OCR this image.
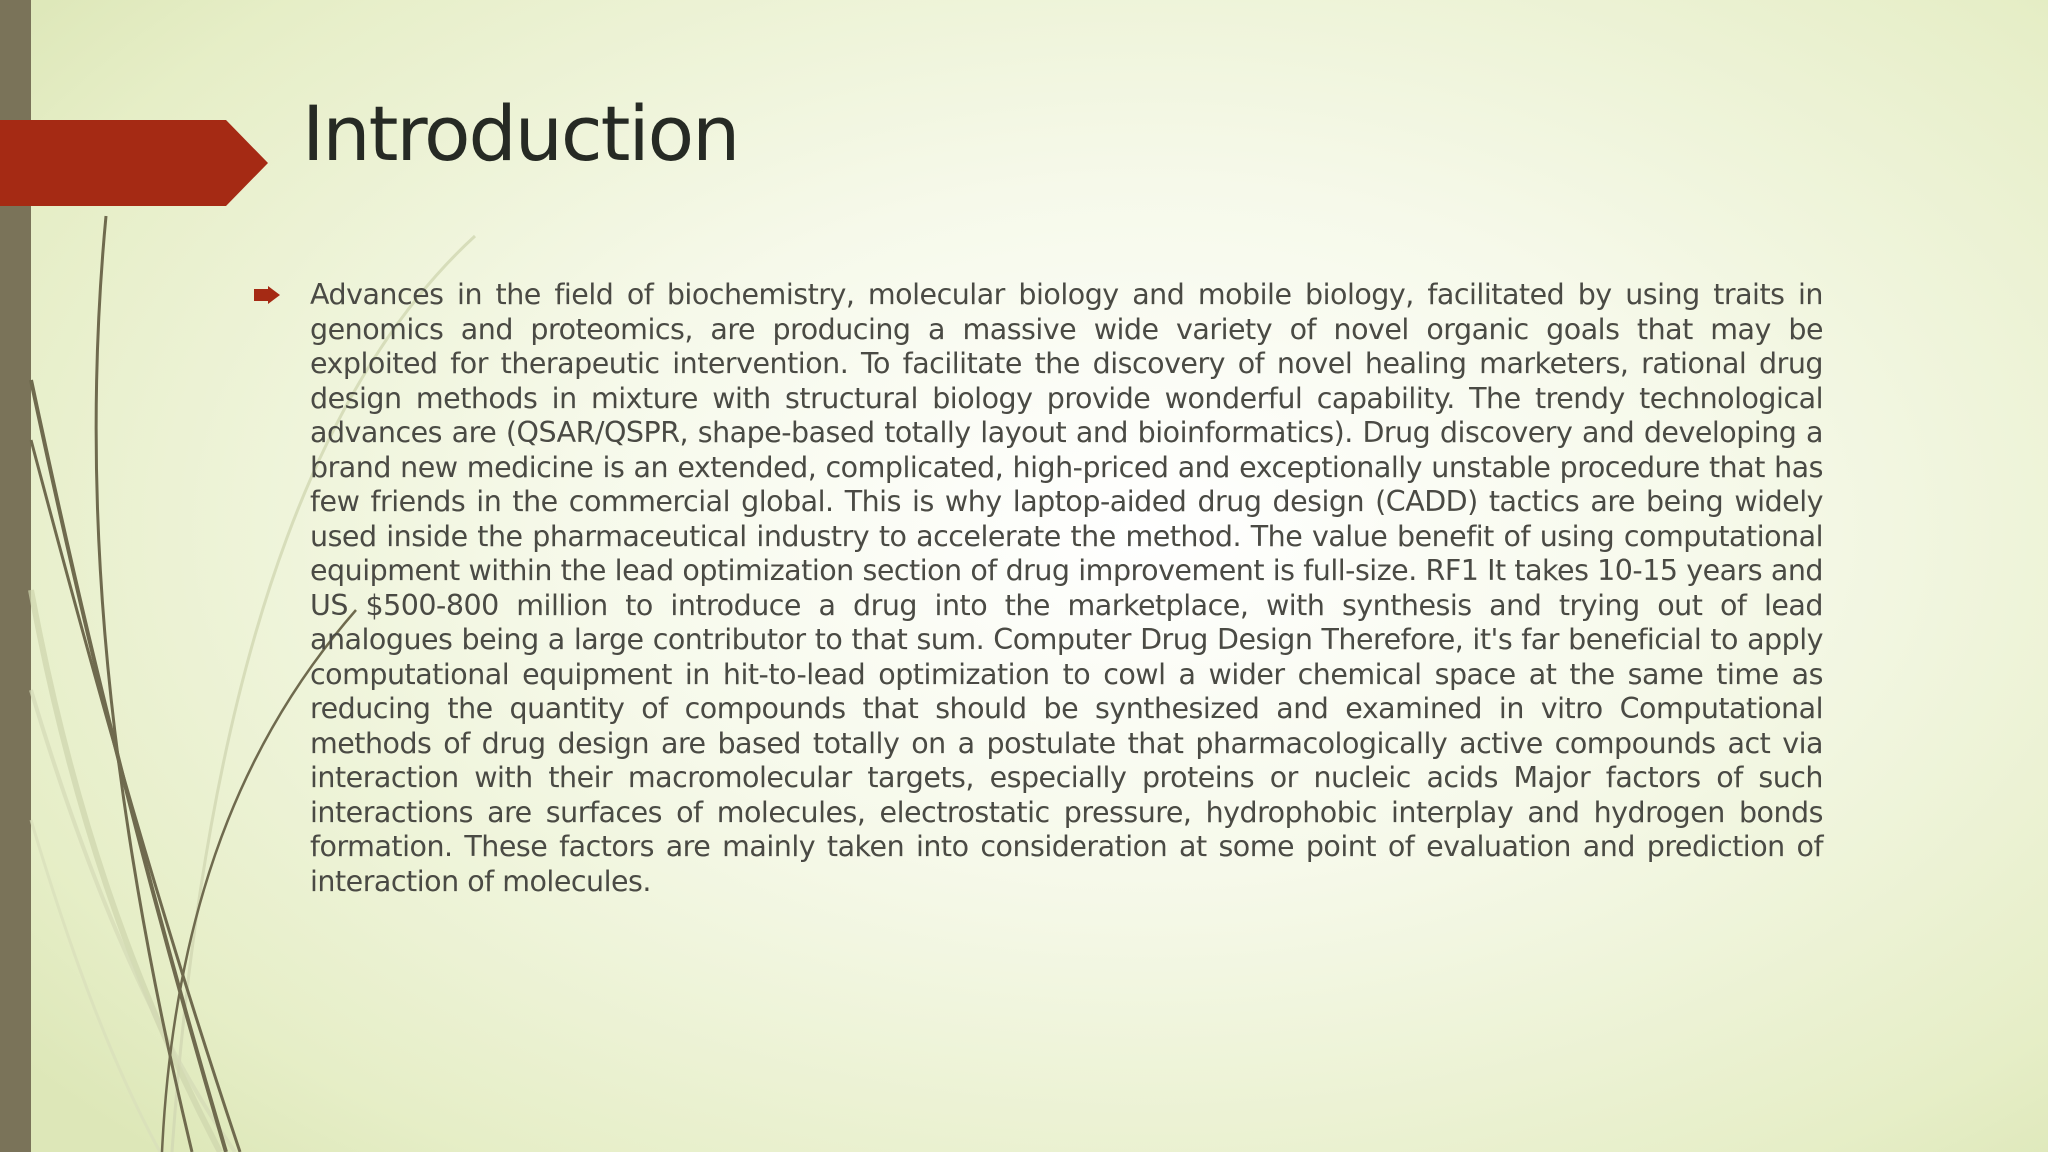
Introduction

Advances in the field of biochemistry, molecular biology and mobile biology, facilitated by using traits in genomics and proteomics, are producing a massive wide variety of novel organic goals that may be exploited for therapeutic intervention. To facilitate the discovery of novel healing marketers, rational drug design methods in mixture with structural biology provide wonderful capability. The trendy technological advances are (QSAR/QSPR, shape-based totally layout and bioinformatics). Drug discovery and developing a brand new medicine is an extended, complicated, high-priced and exceptionally unstable procedure that has few friends in the commercial global. This is why laptop-aided drug design (CADD) tactics are being widely used inside the pharmaceutical industry to accelerate the method. The value benefit of using computational equipment within the lead optimization section of drug improvement is full-size. RF1 It takes 10-15 years and US $500-800 million to introduce a drug into the marketplace, with synthesis and trying out of lead analogues being a large contributor to that sum. Computer Drug Design Therefore, it's far beneficial to apply computational equipment in hit-to-lead optimization to cowl a wider chemical space at the same time as reducing the quantity of compounds that should be synthesized and examined in vitro Computational methods of drug design are based totally on a postulate that pharmacologically active compounds act via interaction with their macromolecular targets, especially proteins or nucleic acids Major factors of such interactions are surfaces of molecules, electrostatic pressure, hydrophobic interplay and hydrogen bonds formation. These factors are mainly taken into consideration at some point of evaluation and prediction of interaction of molecules.
